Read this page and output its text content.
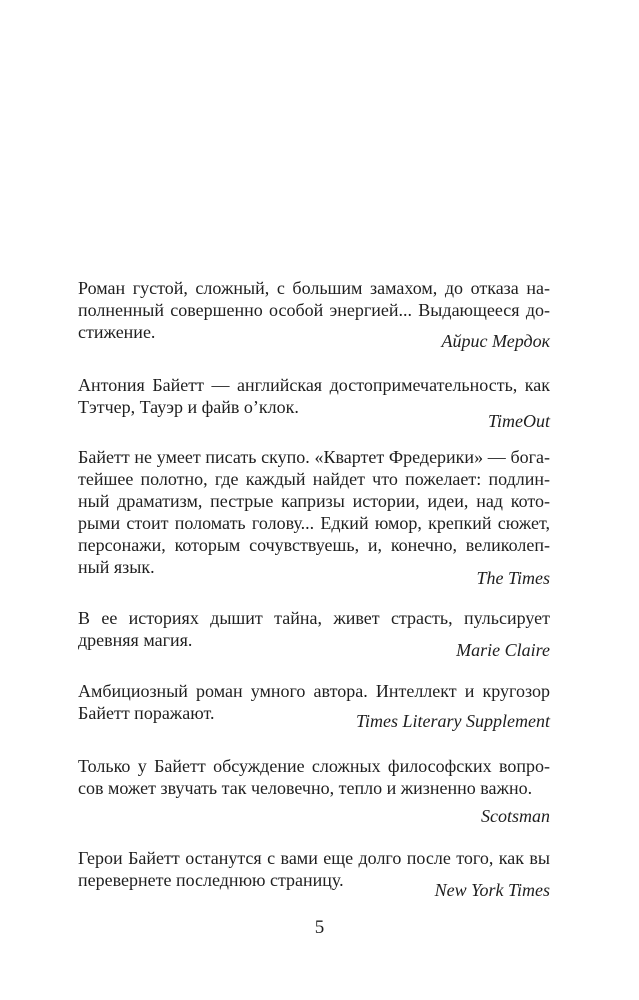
Роман густой, сложный, с большим замахом, до отказа на-
полненный совершенно особой энергией... Выдающееся до-
стижение.	Айрис Мердок
Антония Байетт — английская достопримечательность, как
Тэтчер, Тауэр и файв о’клок.
TimeOut
Байетт не умеет писать скупо. «Квартет Фредерики» — бога-
тейшее полотно, где каждый найдет что пожелает: подлин-
ный драматизм, пестрые капризы истории, идеи, над кото-
рыми стоит поломать голову... Едкий юмор, крепкий сюжет,
персонажи, которым сочувствуешь, и, конечно, великолеп-
ный язык.
The Times
В ее историях дышит тайна, живет страсть, пульсирует
древняя магия.	Marie Claire
Амбициозный роман умного автора. Интеллект и кругозор
Байетт поражают.	Times Literary Supplement
Только у Байетт обсуждение сложных философских вопро-
сов может звучать так человечно, тепло и жизненно важно.
Scotsman
Герои Байетт останутся с вами еще долго после того, как вы
перевернете последнюю страницу.	New York Times
5
